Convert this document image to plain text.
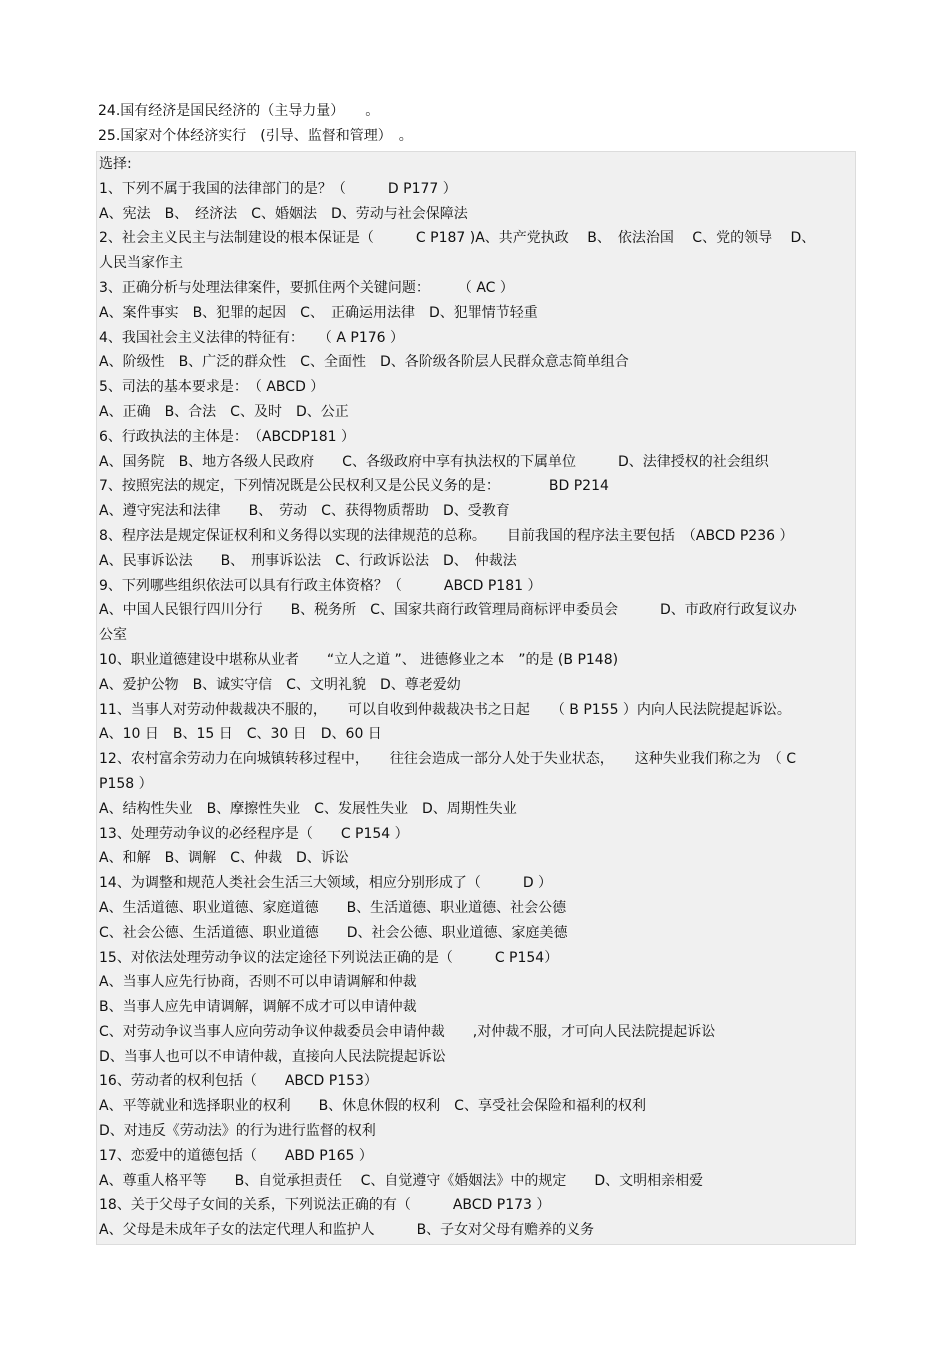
24.国有经济是国民经济的（主导力量）　　。
25.国家对个体经济实行　(引导、监督和管理）　。
选择:
1、下列不属于我国的法律部门的是？（　　　D P177 ）
A、宪法　B、　经济法　C、婚姻法　D、劳动与社会保障法
2、社会主义民主与法制建设的根本保证是（　　　C P187 )A、共产党执政　 B、　依法治国　 C、党的领导　 D、
人民当家作主
3、正确分析与处理法律案件，要抓住两个关键问题：　　　（ AC ）
A、案件事实　B、犯罪的起因　C、　正确运用法律　D、犯罪情节轻重
4、我国社会主义法律的特征有：　　（ A P176 ）
A、阶级性　B、广泛的群众性　C、全面性　D、各阶级各阶层人民群众意志简单组合
5、司法的基本要求是：　（ ABCD ）
A、正确　B、合法　C、及时　D、公正
6、行政执法的主体是：　（ABCDP181 ）
A、国务院　B、地方各级人民政府　　C、各级政府中享有执法权的下属单位　　　D、法律授权的社会组织
7、按照宪法的规定，下列情况既是公民权利又是公民义务的是：　　　　BD P214
A、遵守宪法和法律　　B、　劳动　C、获得物质帮助　D、受教育
8、程序法是规定保证权利和义务得以实现的法律规范的总称。　　目前我国的程序法主要包括　（ABCD P236 ）
A、民事诉讼法　　B、　刑事诉讼法　C、行政诉讼法　D、　仲裁法
9、下列哪些组织依法可以具有行政主体资格？（　　　ABCD P181 ）
A、中国人民银行四川分行　　B、税务所　C、国家共商行政管理局商标评申委员会　　　D、市政府行政复议办
公室
10、职业道德建设中堪称从业者　　“立人之道 ”、 进德修业之本　”的是 (B P148)
A、爱护公物　B、诚实守信　C、文明礼貌　D、尊老爱幼
11、当事人对劳动仲裁裁决不服的，　　可以自收到仲裁裁决书之日起　　（ B P155 ）内向人民法院提起诉讼。
A、10 日　B、15 日　C、30 日　D、60 日
12、农村富余劳动力在向城镇转移过程中，　　往往会造成一部分人处于失业状态，　　这种失业我们称之为　（ C
P158 ）
A、结构性失业　B、摩擦性失业　C、发展性失业　D、周期性失业
13、处理劳动争议的必经程序是（　　C P154 ）
A、和解　B、调解　C、仲裁　D、诉讼
14、为调整和规范人类社会生活三大领域，相应分别形成了（　　　D ）
A、生活道德、职业道德、家庭道德　　B、生活道德、职业道德、社会公德
C、社会公德、生活道德、职业道德　　D、社会公德、职业道德、家庭美德
15、对依法处理劳动争议的法定途径下列说法正确的是（　　　C P154）
A、当事人应先行协商，否则不可以申请调解和仲裁
B、当事人应先申请调解，调解不成才可以申请仲裁
C、对劳动争议当事人应向劳动争议仲裁委员会申请仲裁　　,对仲裁不服，才可向人民法院提起诉讼
D、当事人也可以不申请仲裁，直接向人民法院提起诉讼
16、劳动者的权利包括（　　ABCD P153）
A、平等就业和选择职业的权利　　B、休息休假的权利　C、享受社会保险和福利的权利
D、对违反《劳动法》的行为进行监督的权利
17、恋爱中的道德包括（　　ABD P165 ）
A、尊重人格平等　　B、自觉承担责任　 C、自觉遵守《婚姻法》中的规定　　D、文明相亲相爱
18、关于父母子女间的关系，下列说法正确的有（　　　ABCD P173 ）
A、父母是未成年子女的法定代理人和监护人　　　B、子女对父母有赡养的义务
